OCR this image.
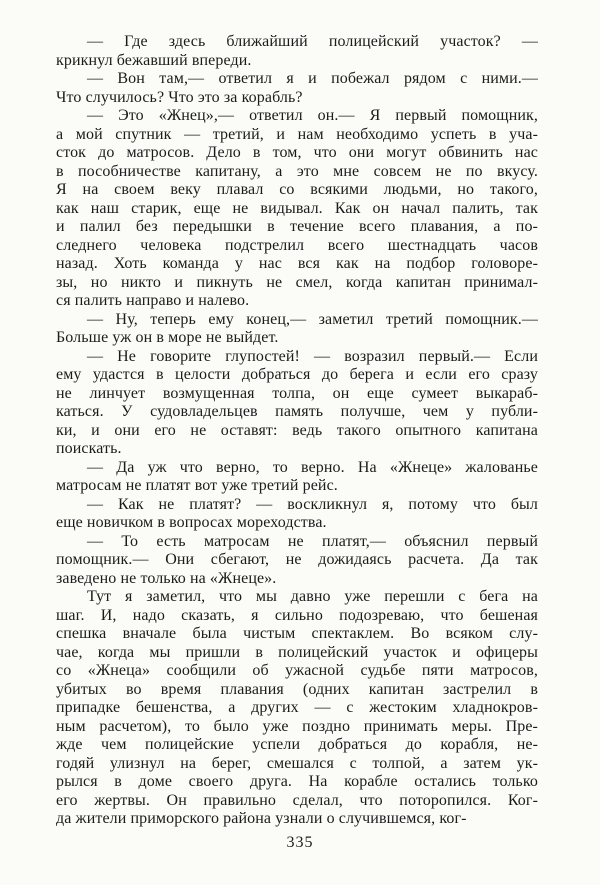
— Где здесь ближайший полицейский участок? —
крикнул бежавший впереди.
— Вон там,— ответил я и побежал рядом с ними.—
Что случилось? Что это за корабль?
— Это «Жнец»,— ответил он.— Я первый помощник,
а мой спутник — третий, и нам необходимо успеть в уча-
сток до матросов. Дело в том, что они могут обвинить нас
в пособничестве капитану, а это мне совсем не по вкусу.
Я на своем веку плавал со всякими людьми, но такого,
как наш старик, еще не видывал. Как он начал палить, так
и палил без передышки в течение всего плавания, а по-
следнего человека подстрелил всего шестнадцать часов
назад. Хоть команда у нас вся как на подбор головоре-
зы, но никто и пикнуть не смел, когда капитан принимал-
ся палить направо и налево.
— Ну, теперь ему конец,— заметил третий помощник.—
Больше уж он в море не выйдет.
— Не говорите глупостей! — возразил первый.— Если
ему удастся в целости добраться до берега и если его сразу
не линчует возмущенная толпа, он еще сумеет выкараб-
каться. У судовладельцев память получше, чем у публи-
ки, и они его не оставят: ведь такого опытного капитана
поискать.
— Да уж что верно, то верно. На «Жнеце» жалованье
матросам не платят вот уже третий рейс.
— Как не платят? — воскликнул я, потому что был
еще новичком в вопросах мореходства.
— То есть матросам не платят,— объяснил первый
помощник.— Они сбегают, не дожидаясь расчета. Да так
заведено не только на «Жнеце».
Тут я заметил, что мы давно уже перешли с бега на
шаг. И, надо сказать, я сильно подозреваю, что бешеная
спешка вначале была чистым спектаклем. Во всяком слу-
чае, когда мы пришли в полицейский участок и офицеры
со «Жнеца» сообщили об ужасной судьбе пяти матросов,
убитых во время плавания (одних капитан застрелил в
припадке бешенства, а других — с жестоким хладнокров-
ным расчетом), то было уже поздно принимать меры. Пре-
жде чем полицейские успели добраться до корабля, не-
годяй улизнул на берег, смешался с толпой, а затем ук-
рылся в доме своего друга. На корабле остались только
его жертвы. Он правильно сделал, что поторопился. Ког-
да жители приморского района узнали о случившемся, ког-
335
